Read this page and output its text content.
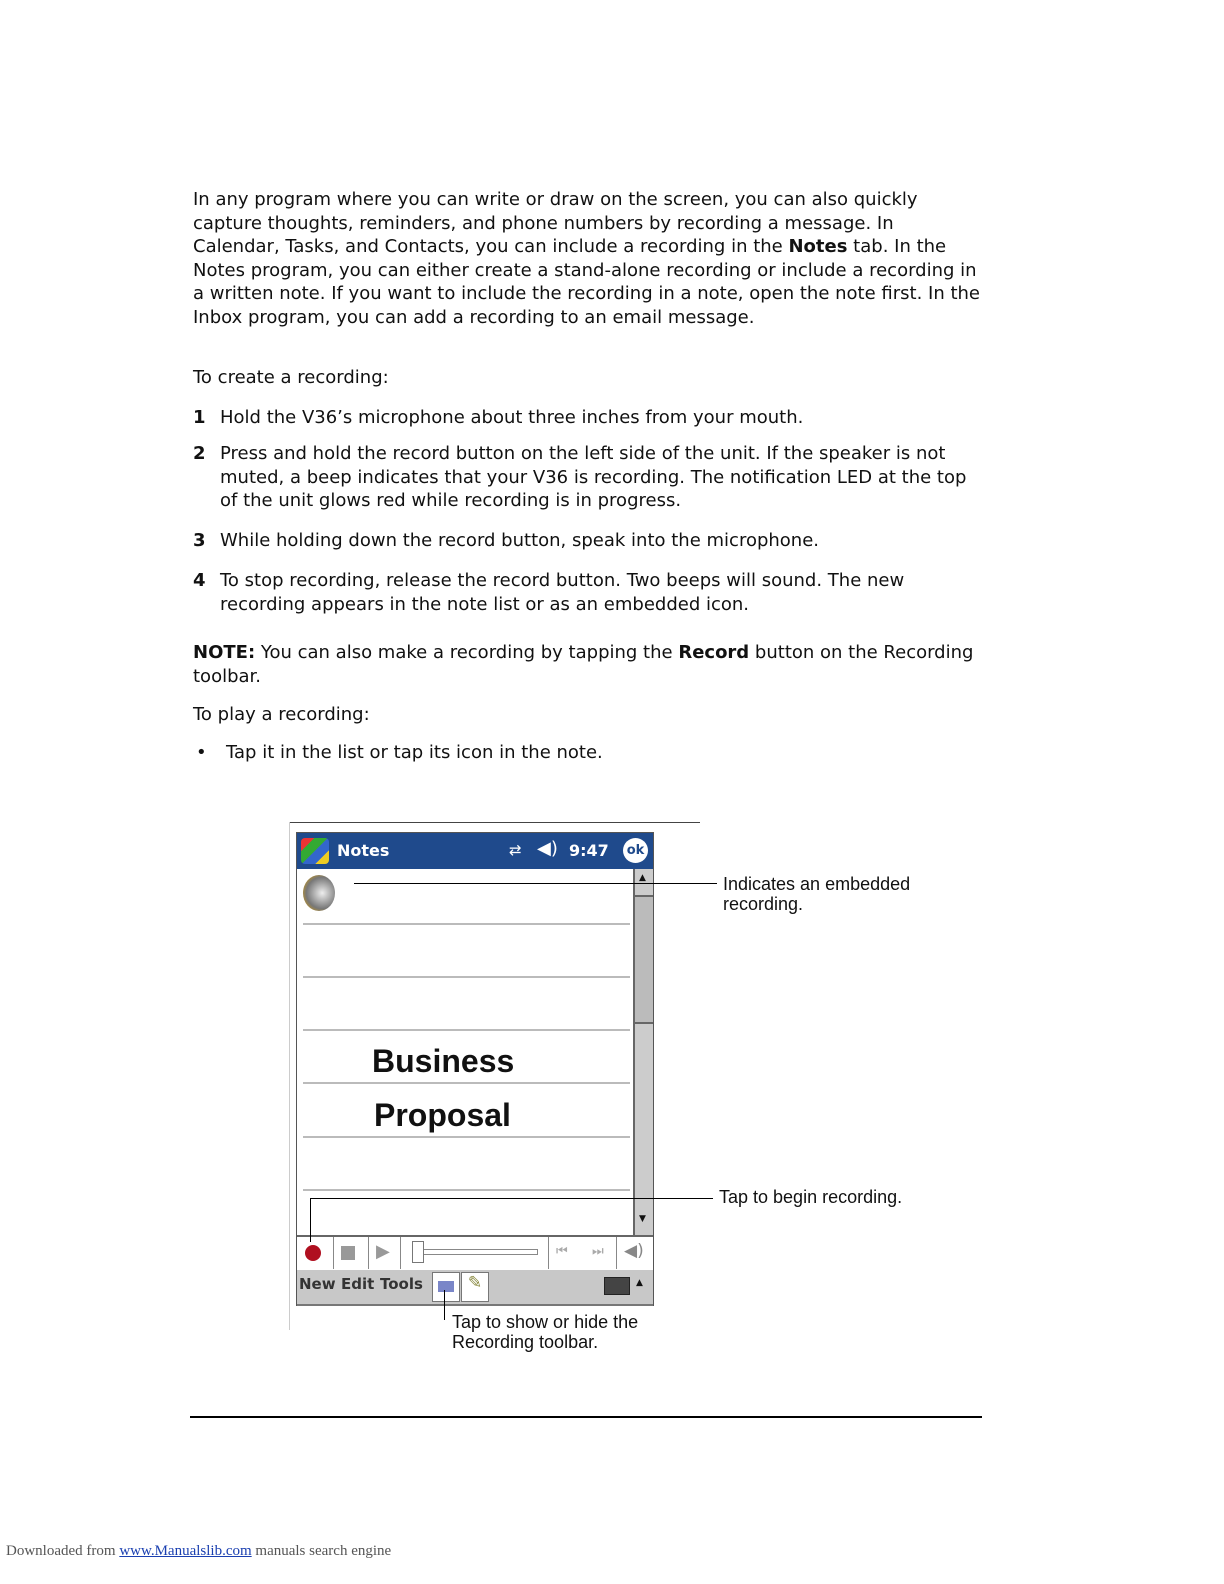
In any program where you can write or draw on the screen, you can also quickly capture thoughts, reminders, and phone numbers by recording a message. In Calendar, Tasks, and Contacts, you can include a recording in the Notes tab. In the Notes program, you can either create a stand-alone recording or include a recording in a written note. If you want to include the recording in a note, open the note first. In the Inbox program, you can add a recording to an email message.
To create a recording:
1 Hold the V36’s microphone about three inches from your mouth.
2 Press and hold the record button on the left side of the unit. If the speaker is not muted, a beep indicates that your V36 is recording. The notification LED at the top of the unit glows red while recording is in progress.
3 While holding down the record button, speak into the microphone.
4 To stop recording, release the record button. Two beeps will sound. The new recording appears in the note list or as an embedded icon.
NOTE: You can also make a recording by tapping the Record button on the Recording toolbar.
To play a recording:
•	Tap it in the list or tap its icon in the note.
Notes	⇄ ◀) 9:47 ok
▲
▼
Business
Proposal
▶	⏮ ⏭ ◀)
New Edit Tools	✎	▲
Indicates an embedded recording.
Tap to begin recording.
Tap to show or hide the Recording toolbar.
Downloaded from www.Manualslib.com manuals search engine
